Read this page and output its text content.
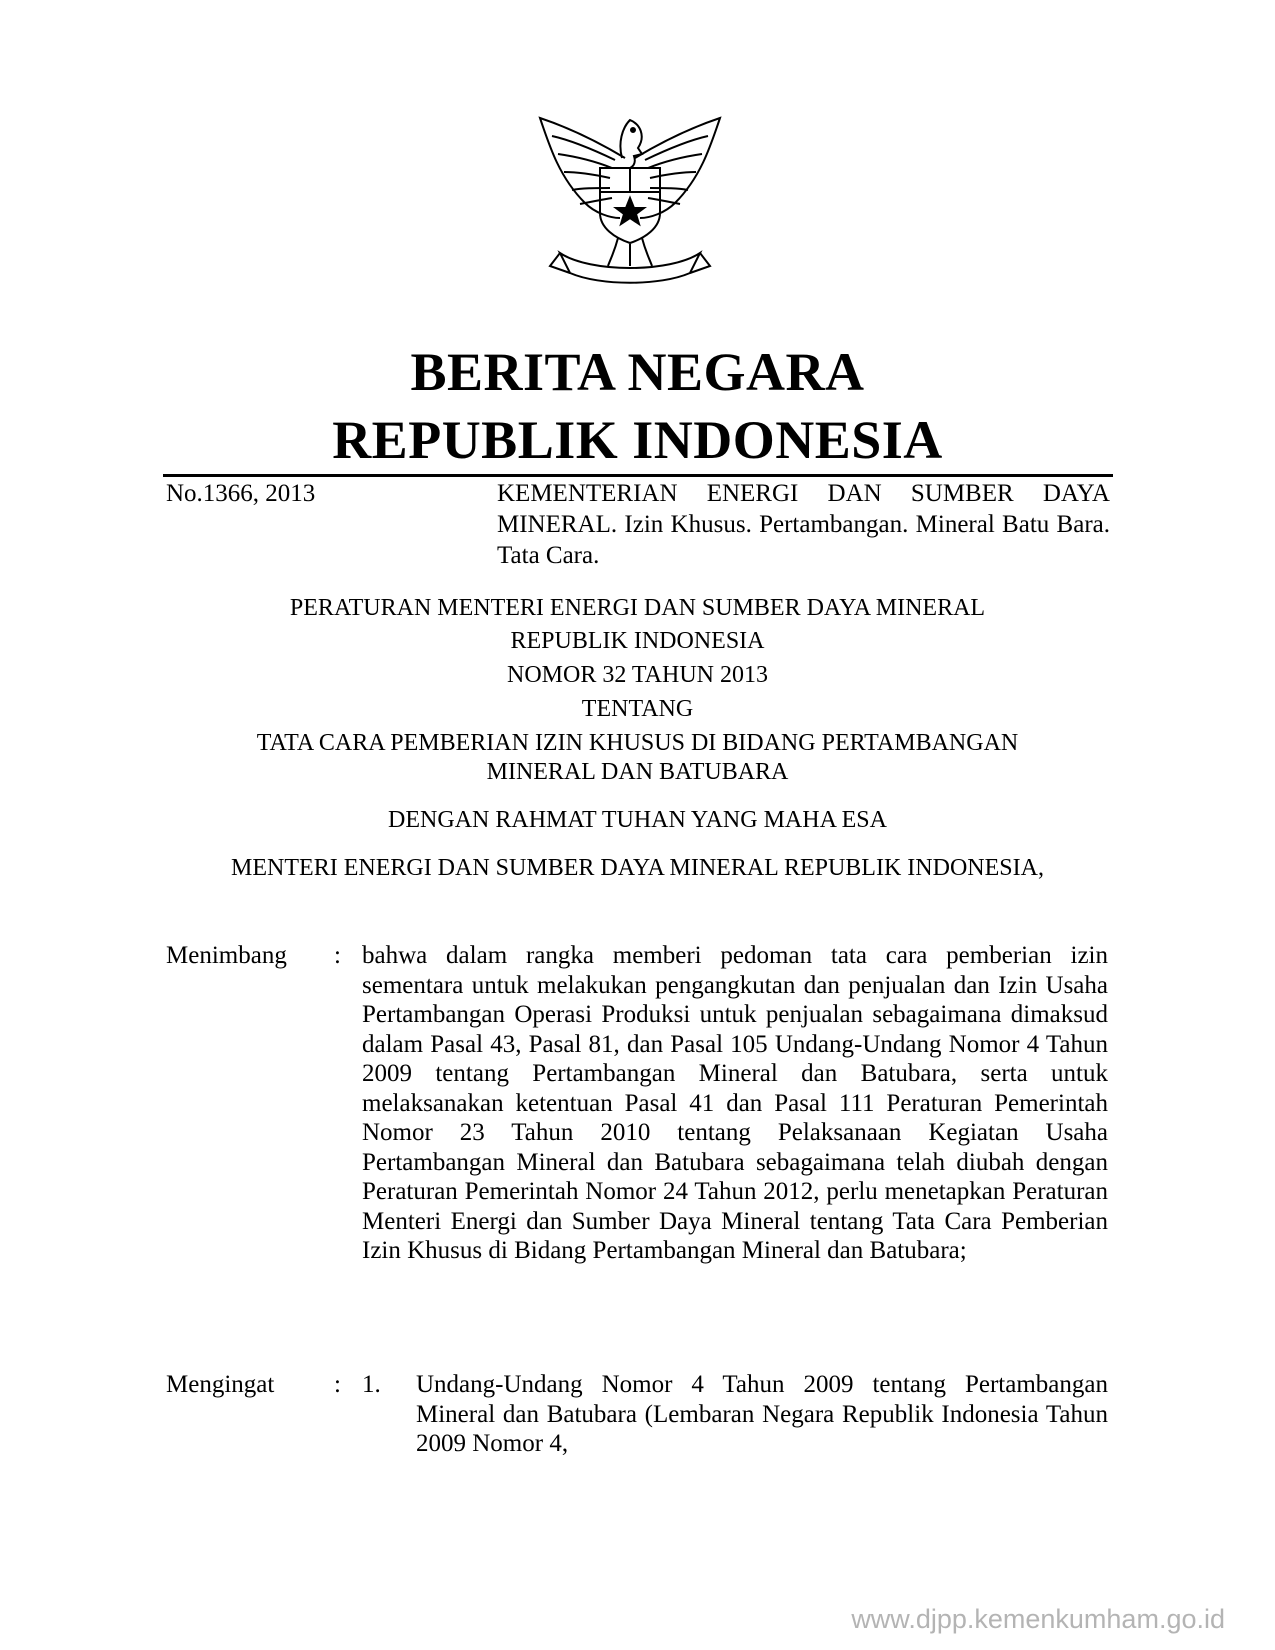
BERITA NEGARA
REPUBLIK INDONESIA
No.1366, 2013	KEMENTERIAN ENERGI DAN SUMBER DAYA MINERAL. Izin Khusus. Pertambangan. Mineral Batu Bara. Tata Cara.
PERATURAN MENTERI ENERGI DAN SUMBER DAYA MINERAL
REPUBLIK INDONESIA
NOMOR 32 TAHUN 2013
TENTANG
TATA CARA PEMBERIAN IZIN KHUSUS DI BIDANG PERTAMBANGAN
MINERAL DAN BATUBARA
DENGAN RAHMAT TUHAN YANG MAHA ESA
MENTERI ENERGI DAN SUMBER DAYA MINERAL REPUBLIK INDONESIA,
Menimbang : bahwa dalam rangka memberi pedoman tata cara pemberian izin sementara untuk melakukan pengangkutan dan penjualan dan Izin Usaha Pertambangan Operasi Produksi untuk penjualan sebagaimana dimaksud dalam Pasal 43, Pasal 81, dan Pasal 105 Undang-Undang Nomor 4 Tahun 2009 tentang Pertambangan Mineral dan Batubara, serta untuk melaksanakan ketentuan Pasal 41 dan Pasal 111 Peraturan Pemerintah Nomor 23 Tahun 2010 tentang Pelaksanaan Kegiatan Usaha Pertambangan Mineral dan Batubara sebagaimana telah diubah dengan Peraturan Pemerintah Nomor 24 Tahun 2012, perlu menetapkan Peraturan Menteri Energi dan Sumber Daya Mineral tentang Tata Cara Pemberian Izin Khusus di Bidang Pertambangan Mineral dan Batubara;
Mengingat : 1. Undang-Undang Nomor 4 Tahun 2009 tentang Pertambangan Mineral dan Batubara (Lembaran Negara Republik Indonesia Tahun 2009 Nomor 4,
www.djpp.kemenkumham.go.id
